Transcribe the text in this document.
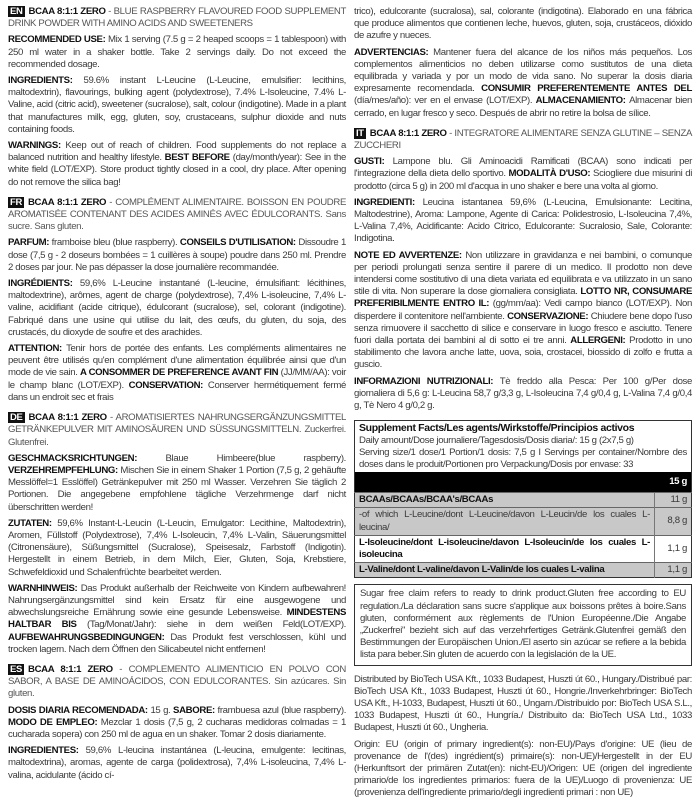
EN BCAA 8:1:1 ZERO - BLUE RASPBERRY FLAVOURED FOOD SUPPLEMENT DRINK POWDER WITH AMINO ACIDS AND SWEETENERS

RECOMMENDED USE: Mix 1 serving (7.5 g = 2 heaped scoops = 1 tablespoon) with 250 ml water in a shaker bottle. Take 2 servings daily. Do not exceed the recommended dosage.

INGREDIENTS: 59.6% instant L-Leucine (L-Leucine, emulsifier: lecithins, maltodextrin), flavourings, bulking agent (polydextrose), 7.4% L-Isoleucine, 7.4% L-Valine, acid (citric acid), sweetener (sucralose), salt, colour (indigotine). Made in a plant that manufactures milk, egg, gluten, soy, crustaceans, sulphur dioxide and nuts containing foods.

WARNINGS: Keep out of reach of children. Food supplements do not replace a balanced nutrition and healthy lifestyle. BEST BEFORE (day/month/year): See in the white field (LOT/EXP). Store product tightly closed in a cool, dry place. After opening do not remove the silica bag!

FR BCAA 8:1:1 ZERO - COMPLÉMENT ALIMENTAIRE. BOISSON EN POUDRE AROMATISÉE CONTENANT DES ACIDES AMINÉS AVEC ÉDULCORANTS. Sans sucre. Sans gluten.

PARFUM: framboise bleu (blue raspberry). CONSEILS D'UTILISATION: Dissoudre 1 dose (7,5 g - 2 doseurs bombées = 1 cuillères à soupe) poudre dans 250 ml. Prendre 2 doses par jour. Ne pas dépasser la dose journalière recommandée.

INGRÉDIENTS: 59,6% L-Leucine instantané (L-leucine, émulsifiant: lécithines, maltodextrine), arômes, agent de charge (polydextrose), 7,4% L-isoleucine, 7,4% L-valine, acidifiant (acide citrique), édulcorant (sucralose), sel, colorant (indigotine). Fabriqué dans une usine qui utilise du lait, des œufs, du gluten, du soja, des crustacés, du dioxyde de soufre et des arachides.

ATTENTION: Tenir hors de portée des enfants. Les compléments alimentaires ne peuvent être utilisés qu'en complément d'une alimentation équilibrée ainsi que d'un mode de vie sain. A CONSOMMER DE PREFERENCE AVANT FIN (JJ/MM/AA): voir le champ blanc (LOT/EXP). CONSERVATION: Conserver hermétiquement fermé dans un endroit sec et frais

DE BCAA 8:1:1 ZERO - AROMATISIERTES NAHRUNGSERGÄNZUNGSMITTEL GETRÄNKEPULVER MIT AMINOSÄUREN UND SÜSSUNGSMITTELN. Zuckerfrei. Glutenfrei.

GESCHMACKSRICHTUNGEN: Blaue Himbeere(blue raspberry). VERZEHREMPFEHLUNG: Mischen Sie in einem Shaker 1 Portion (7,5 g, 2 gehäufte Messlöffel=1 Esslöffel) Getränkepulver mit 250 ml Wasser. Verzehren Sie täglich 2 Portionen. Die angegebene empfohlene tägliche Verzehrmenge darf nicht überschritten werden!

ZUTATEN: 59,6% Instant-L-Leucin (L-Leucin, Emulgator: Lecithine, Maltodextrin), Aromen, Füllstoff (Polydextrose), 7,4% L-Isoleucin, 7,4% L-Valin, Säuerungsmittel (Citronensäure), Süßungsmittel (Sucralose), Speisesalz, Farbstoff (Indigotin). Hergestellt in einem Betrieb, in dem Milch, Eier, Gluten, Soja, Krebstiere, Schwefeldioxid und Schalenfrüchte bearbeitet werden.

WARNHINWEIS: Das Produkt außerhalb der Reichweite von Kindern aufbewahren! Nahrungsergänzungsmittel sind kein Ersatz für eine ausgewogene und abwechslungsreiche Ernährung sowie eine gesunde Lebensweise. MINDESTENS HALTBAR BIS (Tag/Monat/Jahr): siehe in dem weißen Feld(LOT/EXP). AUFBEWAHRUNGSBEDINGUNGEN: Das Produkt fest verschlossen, kühl und trocken lagern. Nach dem Öffnen den Silicabeutel nicht entfernen!

ES BCAA 8:1:1 ZERO - COMPLEMENTO ALIMENTICIO EN POLVO CON SABOR, A BASE DE AMINOÁCIDOS, CON EDULCORANTES. Sin azúcares. Sin gluten.

DOSIS DIARIA RECOMENDADA: 15 g. SABORE: frambuesa azul (blue raspberry). MODO DE EMPLEO: Mezclar 1 dosis (7,5 g, 2 cucharas medidoras colmadas = 1 cucharada sopera) con 250 ml de agua en un shaker. Tomar 2 dosis diariamente.

INGREDIENTES: 59,6% L-leucina instantánea (L-leucina, emulgente: lecitinas, maltodextrina), aromas, agente de carga (polidextrosa), 7,4% L-isoleucina, 7,4% L-valina, acidulante (ácido cí-

trico), edulcorante (sucralosa), sal, colorante (indigotina). Elaborado en una fábrica que produce alimentos que contienen leche, huevos, gluten, soja, crustáceos, dióxido de azufre y nueces.

ADVERTENCIAS: Mantener fuera del alcance de los niños más pequeños. Los complementos alimenticios no deben utilizarse como sustitutos de una dieta equilibrada y variada y por un modo de vida sano. No superar la dosis diaria expresamente recomendada. CONSUMIR PREFERENTEMENTE ANTES DEL (día/mes/año): ver en el envase (LOT/EXP). ALMACENAMIENTO: Almacenar bien cerrado, en lugar fresco y seco. Después de abrir no retire la bolsa de sílice.

IT BCAA 8:1:1 ZERO - INTEGRATORE ALIMENTARE SENZA GLUTINE – SENZA ZUCCHERI

GUSTI: Lampone blu. Gli Aminoacidi Ramificati (BCAA) sono indicati per l'integrazione della dieta dello sportivo. MODALITÀ D'USO: Sciogliere due misurini di prodotto (circa 5 g) in 200 ml d'acqua in uno shaker e bere una volta al giorno.

INGREDIENTI: Leucina istantanea 59,6% (L-Leucina, Emulsionante: Lecitina, Maltodestrine), Aroma: Lampone, Agente di Carica: Polidestrosio, L-Isoleucina 7,4%, L-Valina 7,4%, Acidificante: Acido Citrico, Edulcorante: Sucralosio, Sale, Colorante: Indigotina.

NOTE ED AVVERTENZE: Non utilizzare in gravidanza e nei bambini, o comunque per periodi prolungati senza sentire il parere di un medico. Il prodotto non deve intendersi come sostitutivo di una dieta variata ed equilibrata e va utilizzato in un sano stile di vita. Non superare la dose giornaliera consigliata. LOTTO NR, CONSUMARE PREFERIBILMENTE ENTRO IL: (gg/mm/aa): Vedi campo bianco (LOT/EXP). Non disperdere il contenitore nell'ambiente. CONSERVAZIONE: Chiudere bene dopo l'uso senza rimuovere il sacchetto di silice e conservare in luogo fresco e asciutto. Tenere fuori dalla portata dei bambini al di sotto ei tre anni. ALLERGENI: Prodotto in uno stabilimento che lavora anche latte, uova, soia, crostacei, biossido di zolfo e frutta a guscio.

INFORMAZIONI NUTRIZIONALI: Tè freddo alla Pesca: Per 100 g/Per dose giornaliera di 5,6 g: L-Leucina 58,7 g/3,3 g, L-Isoleucina 7,4 g/0,4 g, L-Valina 7,4 g/0,4 g, Tè Nero 4 g/0,2 g.

Supplement Facts/Les agents/Wirkstoffe/Principios activos
Daily amount/Dose journaliere/Tagesdosis/Dosis diaria/: 15 g (2x7,5 g)
Serving size/1 dose/1 Portion/1 dosis: 7,5 g I Servings per container/Nombre des doses dans le produit/Portionen pro Verpackung/Dosis por envase: 33	

	15 g
BCAAs/BCAAs/BCAA's/BCAAs	11 g
-of which L-Leucine/dont L-Leucine/davon L-Leucin/de los cuales L-leucina/	8,8 g
L-Isoleucine/dont L-isoleucine/davon L-Isoleucin/de los cuales L-isoleucina	1,1 g
L-Valine/dont L-valine/davon L-Valin/de los cuales L-valina	1,1 g
Sugar free claim refers to ready to drink product.Gluten free according to EU regulation./La déclaration sans sucre s'applique aux boissons prêtes à boire.Sans gluten, conformément aux règlements de l'Union Européenne./Die Angabe „Zuckerfrei" bezieht sich auf das verzehrfertiges Getränk.Glutenfrei gemäß den Bestimmungen der Europäischen Union./El aserto sin azúcar se refiere a la bebida lista para beber.Sin gluten de acuerdo con la legislación de la UE.

Distributed by BioTech USA Kft., 1033 Budapest, Huszti út 60., Hungary./Distribué par: BioTech USA Kft., 1033 Budapest, Huszti út 60., Hongrie./Inverkehrbringer: BioTech USA Kft., H-1033, Budapest, Huszti út 60., Ungarn./Distribuido por: BioTech USA S.L., 1033 Budapest, Huszti út 60., Hungría./ Distribuito da: BioTech USA Ltd., 1033 Budapest, Huszti út 60., Ungheria.

Origin: EU (origin of primary ingredient(s): non-EU)/Pays d'origine: UE (lieu de provenance de l'(des) ingrédient(s) primaire(s): non-UE)/Hergestellt in der EU (Herkunftsort der primären Zutat(en): nicht-EU)/Origen: UE (origen del ingrediente primario/de los ingredientes primarios: fuera de la UE)/Luogo di provenienza: UE (provenienza dell'ingrediente primario/degli ingredienti primari : non UE)
